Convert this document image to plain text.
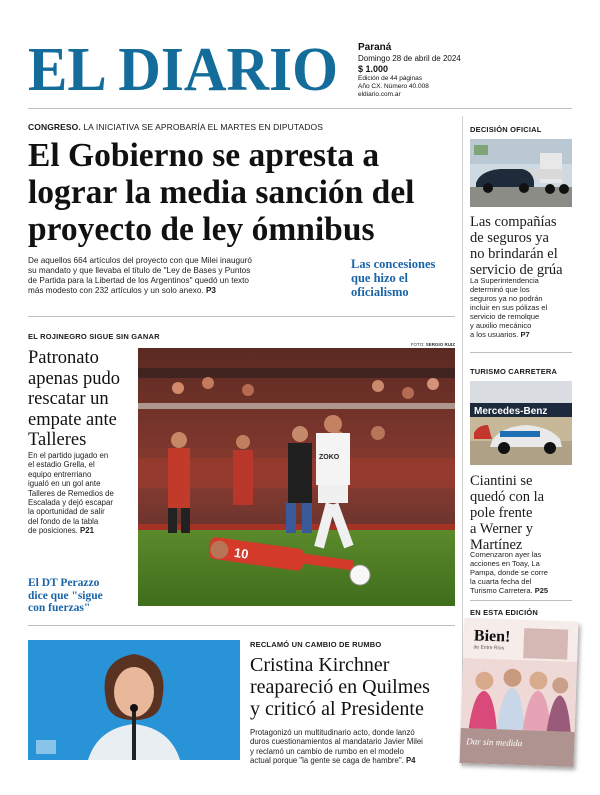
EL DIARIO Paraná
Domingo 28 de abril de 2024
$ 1.000
Edición de 44 páginas
Año CX. Número 40.008
eldiario.com.ar
CONGRESO. LA INICIATIVA SE APROBARÍA EL MARTES EN DIPUTADOS
El Gobierno se apresta a
lograr la media sanción del
proyecto de ley ómnibus
De aquellos 664 artículos del proyecto con que Milei inauguró
su mandato y que llevaba el título de "Ley de Bases y Puntos
de Partida para la Libertad de los Argentinos" quedó un texto
más modesto con 232 artículos y un solo anexo. P3
Las concesiones
que hizo el
oficialismo
EL ROJINEGRO SIGUE SIN GANAR
Patronato
apenas pudo
rescatar un
empate ante
Talleres
En el partido jugado en
el estadio Grella, el
equipo entrerriano
igualó en un gol ante
Talleres de Remedios de
Escalada y dejó escapar
la oportunidad de salir
del fondo de la tabla
de posiciones. P21
El DT Perazzo
dice que "sigue
con fuerzas"
FOTO: SERGIO RUIZ
ZOKO
10
RECLAMÓ UN CAMBIO DE RUMBO
Cristina Kirchner
reapareció en Quilmes
y criticó al Presidente
Protagonizó un multitudinario acto, donde lanzó
duros cuestionamientos al mandatario Javier Milei
y reclamó un cambio de rumbo en el modelo
actual porque "la gente se caga de hambre". P4
DECISIÓN OFICIAL
Las compañías
de seguros ya
no brindarán el
servicio de grúa
La Superintendencia
determinó que los
seguros ya no podrán
incluir en sus pólizas el
servicio de remolque
y auxilio mecánico
a los usuarios. P7
TURISMO CARRETERA
Mercedes-Benz
Ciantini se
quedó con la
pole frente
a Werner y
Martínez
Comenzaron ayer las
acciones en Toay, La
Pampa, donde se corre
la cuarta fecha del
Turismo Carretera. P25
EN ESTA EDICIÓN
Bien!
de Entre Ríos
Dar sin medida
